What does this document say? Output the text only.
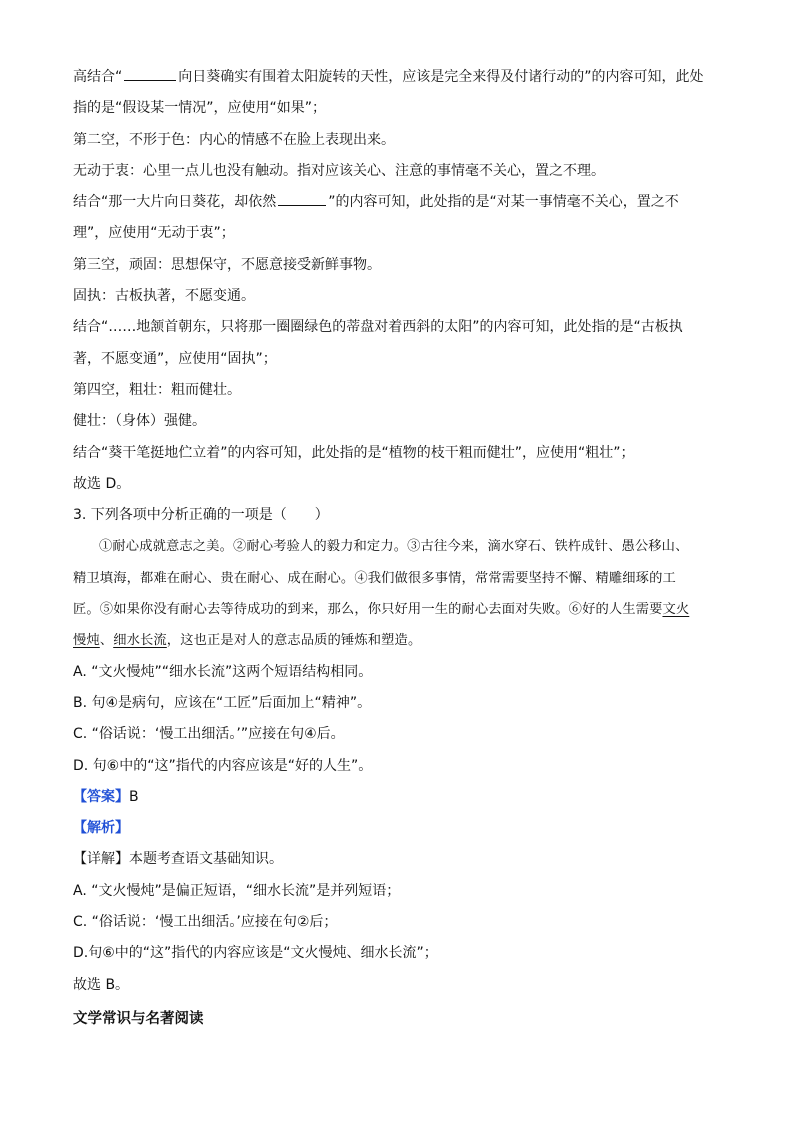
高结合“	向日葵确实有围着太阳旋转的天性，应该是完全来得及付诸行动的”的内容可知，此处
指的是“假设某一情况”，应使用“如果”；
第二空，不形于色：内心的情感不在脸上表现出来。
无动于衷：心里一点儿也没有触动。指对应该关心、注意的事情毫不关心，置之不理。
结合“那一大片向日葵花，却依然	”的内容可知，此处指的是“对某一事情毫不关心，置之不
理”，应使用“无动于衷”；
第三空，顽固：思想保守，不愿意接受新鲜事物。
固执：古板执著，不愿变通。
结合“……地颔首朝东，只将那一圈圈绿色的蒂盘对着西斜的太阳”的内容可知，此处指的是“古板执
著，不愿变通”，应使用“固执”；
第四空，粗壮：粗而健壮。
健壮：（身体）强健。
结合“葵干笔挺地伫立着”的内容可知，此处指的是“植物的枝干粗而健壮”，应使用“粗壮”；
故选 D。
3. 下列各项中分析正确的一项是（　　）
①耐心成就意志之美。②耐心考验人的毅力和定力。③古往今来，滴水穿石、铁杵成针、愚公移山、
精卫填海，都难在耐心、贵在耐心、成在耐心。④我们做很多事情，常常需要坚持不懈、精雕细琢的工
匠。⑤如果你没有耐心去等待成功的到来，那么，你只好用一生的耐心去面对失败。⑥好的人生需要文火
慢炖、细水长流，这也正是对人的意志品质的锤炼和塑造。
A. “文火慢炖”“细水长流”这两个短语结构相同。
B. 句④是病句，应该在“工匠”后面加上“精神”。
C. “俗话说：‘慢工出细活。’”应接在句④后。
D. 句⑥中的“这”指代的内容应该是“好的人生”。
【答案】B
【解析】
【详解】本题考查语文基础知识。
A. “文火慢炖”是偏正短语，“细水长流”是并列短语；
C. “俗话说：‘慢工出细活。’应接在句②后；
D.句⑥中的“这”指代的内容应该是“文火慢炖、细水长流”；
故选 B。
文学常识与名著阅读
